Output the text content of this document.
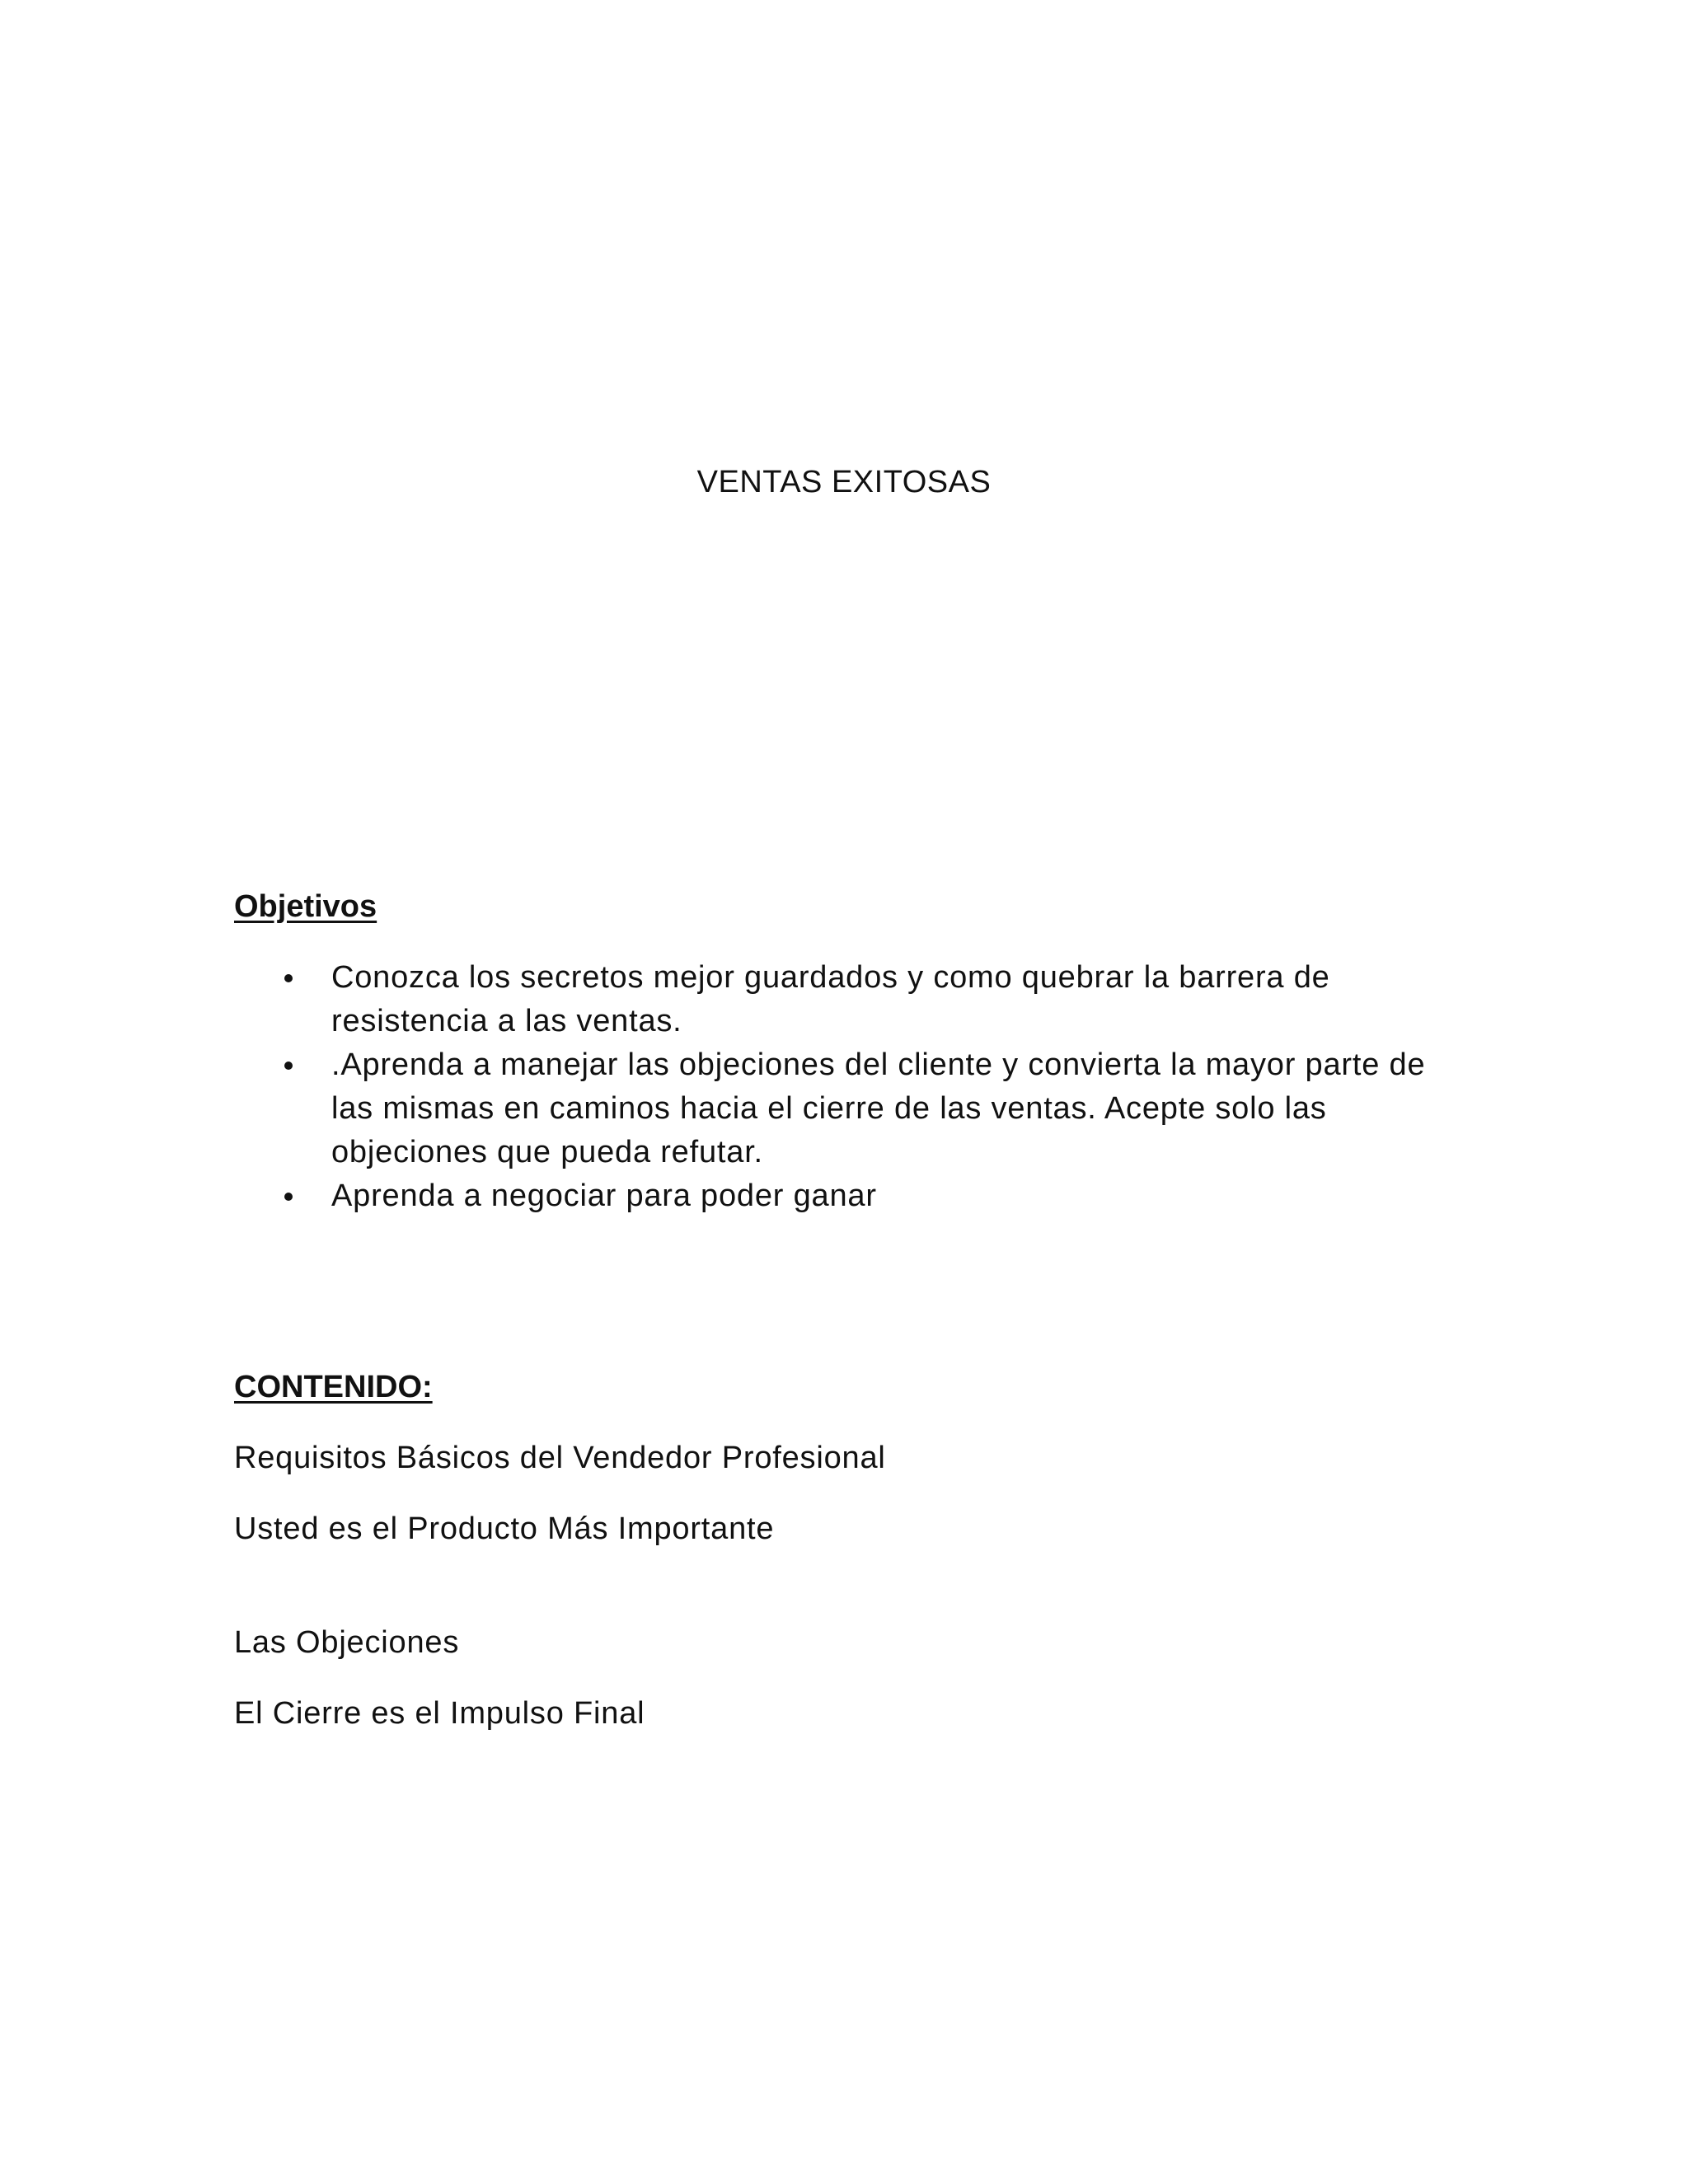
VENTAS EXITOSAS
Objetivos
Conozca los secretos mejor guardados y como quebrar la barrera de resistencia a las ventas.
.Aprenda a manejar las objeciones del cliente y convierta la mayor parte de las mismas en caminos hacia el cierre de las ventas. Acepte solo las objeciones que pueda refutar.
Aprenda a negociar para poder ganar
CONTENIDO:
Requisitos Básicos del Vendedor Profesional
Usted es el Producto Más Importante
Las Objeciones
El Cierre es el Impulso Final
